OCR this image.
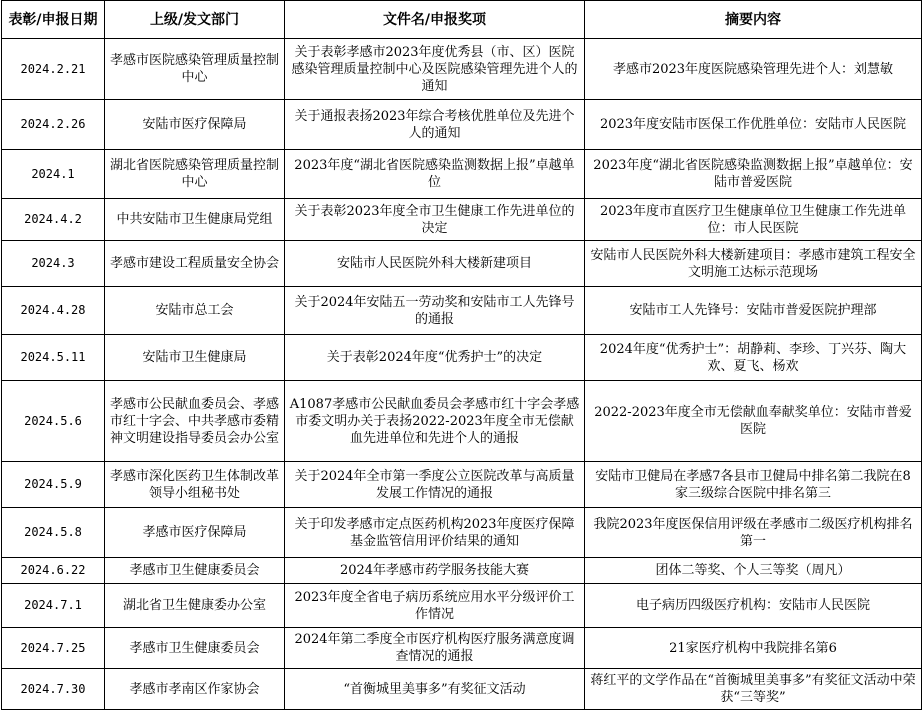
表彰/申报日期	上级/发文部门	文件名/申报奖项	摘要内容
2024.2.21	孝感市医院感染管理质量控制中心	关于表彰孝感市2023年度优秀县（市、区）医院感染管理质量控制中心及医院感染管理先进个人的通知	孝感市2023年度医院感染管理先进个人：刘慧敏
2024.2.26	安陆市医疗保障局	关于通报表扬2023年综合考核优胜单位及先进个人的通知	2023年度安陆市医保工作优胜单位：安陆市人民医院
2024.1	湖北省医院感染管理质量控制中心	2023年度“湖北省医院感染监测数据上报”卓越单位	2023年度“湖北省医院感染监测数据上报”卓越单位：安陆市普爱医院
2024.4.2	中共安陆市卫生健康局党组	关于表彰2023年度全市卫生健康工作先进单位的决定	2023年度市直医疗卫生健康单位卫生健康工作先进单位：市人民医院
2024.3	孝感市建设工程质量安全协会	安陆市人民医院外科大楼新建项目	安陆市人民医院外科大楼新建项目：孝感市建筑工程安全文明施工达标示范现场
2024.4.28	安陆市总工会	关于2024年安陆五一劳动奖和安陆市工人先锋号的通报	安陆市工人先锋号：安陆市普爱医院护理部
2024.5.11	安陆市卫生健康局	关于表彰2024年度“优秀护士”的决定	2024年度“优秀护士”：胡静莉、李珍、丁兴芬、陶大欢、夏飞、杨欢
2024.5.6	孝感市公民献血委员会、孝感市红十字会、中共孝感市委精神文明建设指导委员会办公室	A1087孝感市公民献血委员会孝感市红十字会孝感市委文明办关于表扬2022-2023年度全市无偿献血先进单位和先进个人的通报	2022-2023年度全市无偿献血奉献奖单位：安陆市普爱医院
2024.5.9	孝感市深化医药卫生体制改革领导小组秘书处	关于2024年全市第一季度公立医院改革与高质量发展工作情况的通报	安陆市卫健局在孝感7各县市卫健局中排名第二我院在8家三级综合医院中排名第三
2024.5.8	孝感市医疗保障局	关于印发孝感市定点医药机构2023年度医疗保障基金监管信用评价结果的通知	我院2023年度医保信用评级在孝感市二级医疗机构排名第一
2024.6.22	孝感市卫生健康委员会	2024年孝感市药学服务技能大赛	团体二等奖、个人三等奖（周凡）
2024.7.1	湖北省卫生健康委办公室	2023年度全省电子病历系统应用水平分级评价工作情况	电子病历四级医疗机构：安陆市人民医院
2024.7.25	孝感市卫生健康委员会	2024年第二季度全市医疗机构医疗服务满意度调查情况的通报	21家医疗机构中我院排名第6
2024.7.30	孝感市孝南区作家协会	“首衡城里美事多”有奖征文活动	蒋红平的文学作品在“首衡城里美事多”有奖征文活动中荣获“三等奖”
